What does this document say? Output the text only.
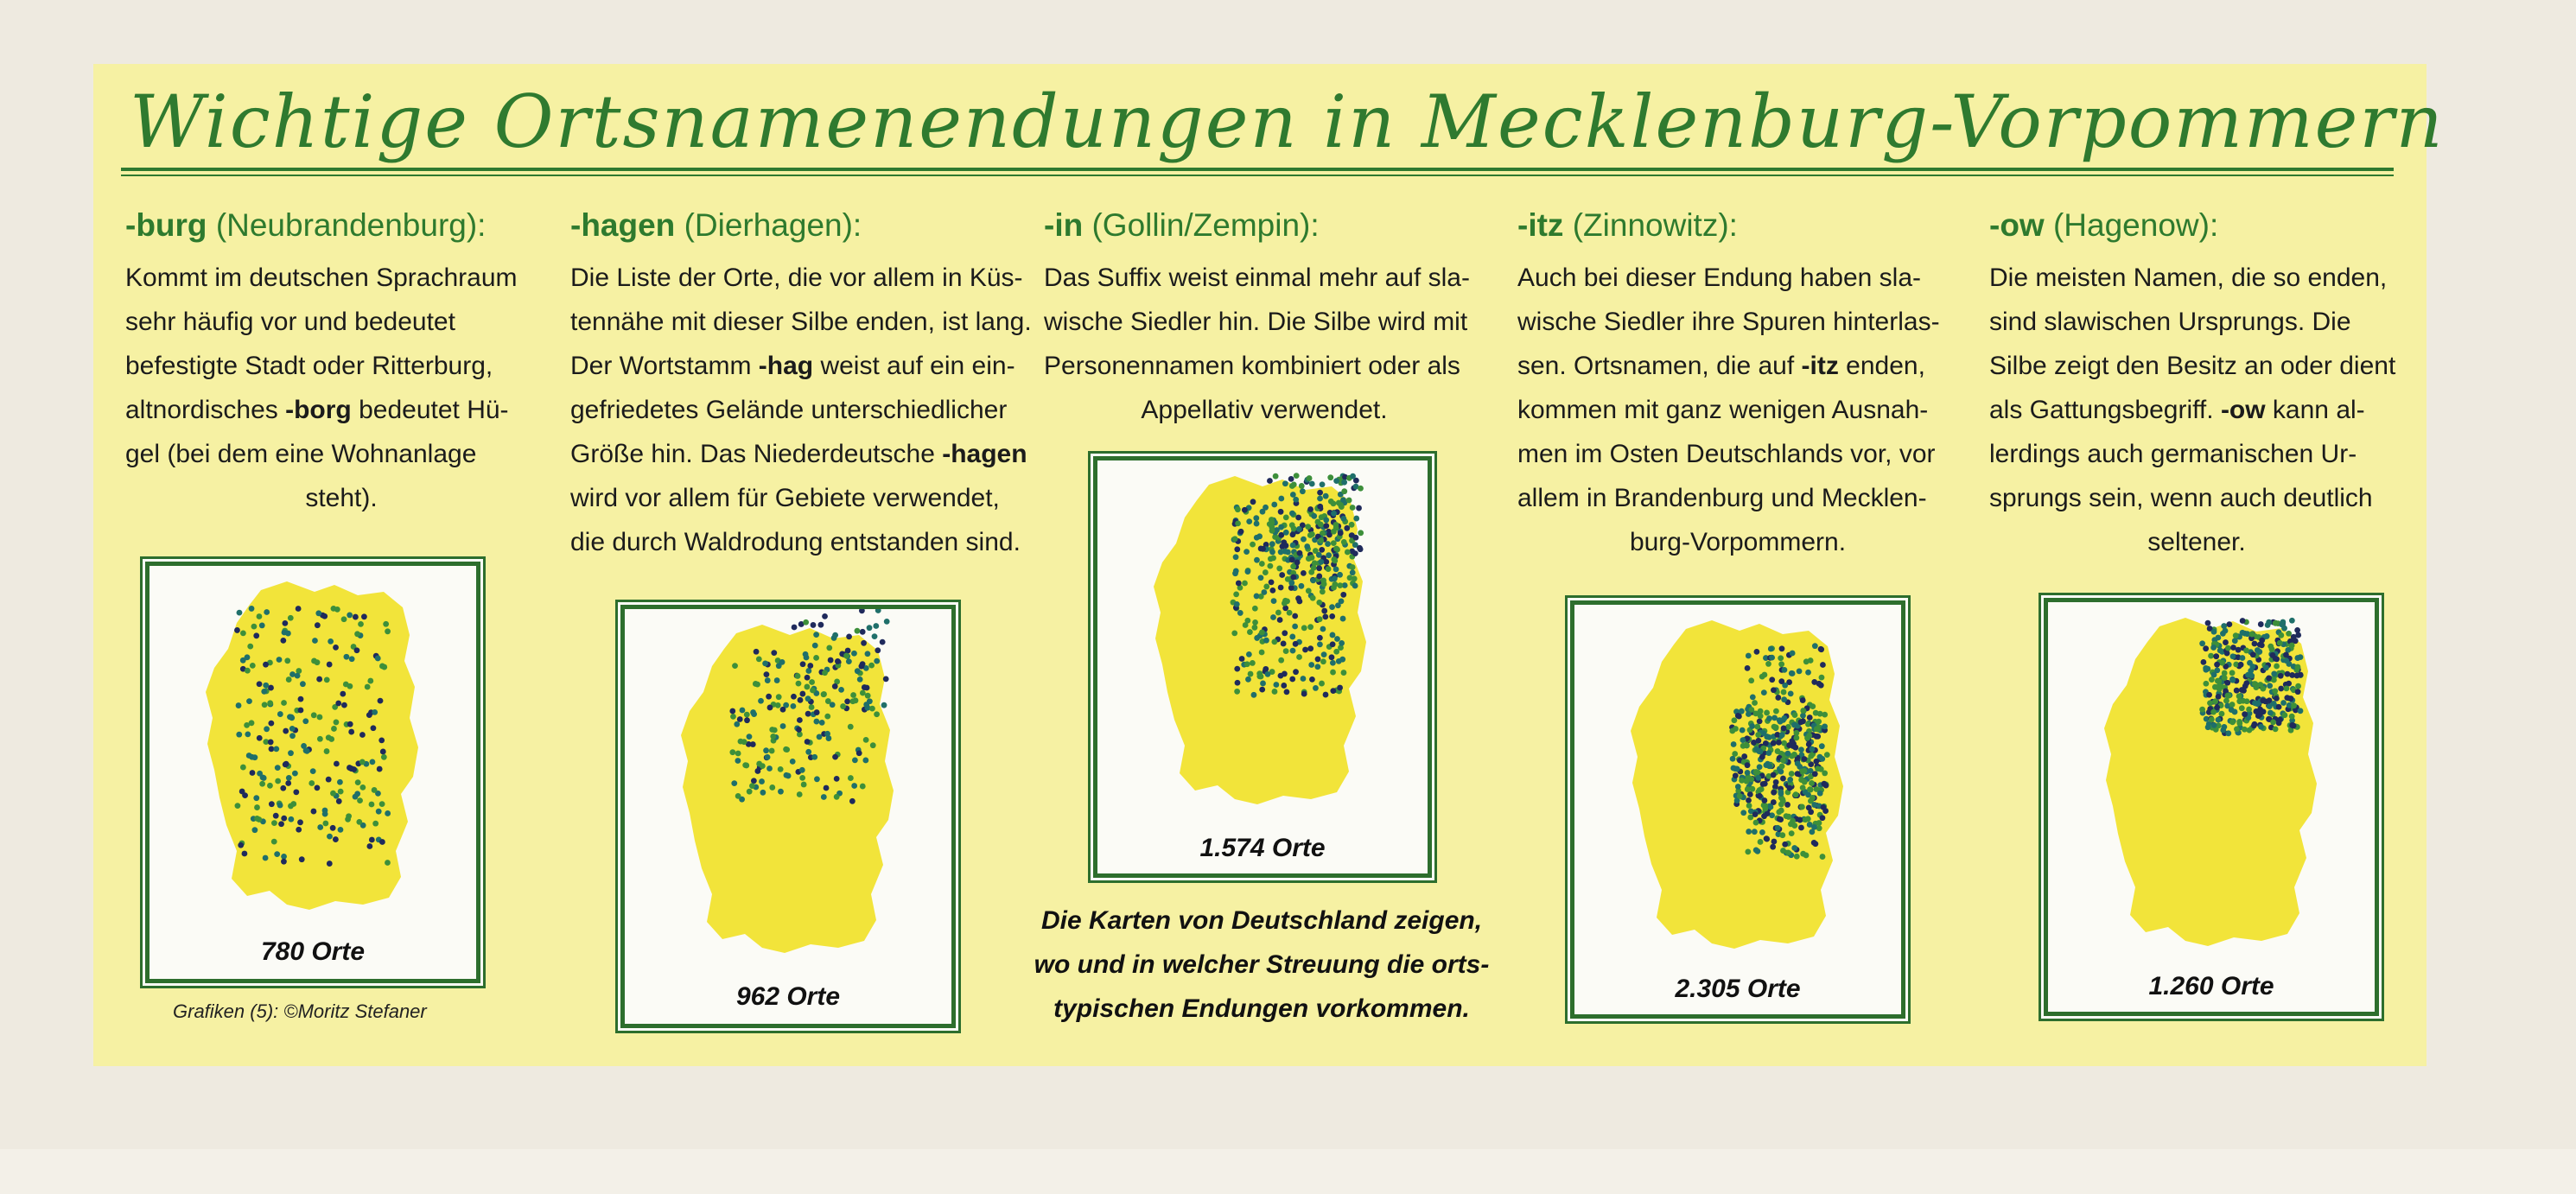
Wichtige Ortsnamenendungen in Mecklenburg-Vorpommern
-burg (Neubrandenburg):

Kommt im deutschen Sprachraum
sehr häufig vor und bedeutet
befestigte Stadt oder Ritterburg,
altnordisches -borg bedeutet Hü-
gel (bei dem eine Wohnanlage
steht).

-hagen (Dierhagen):

Die Liste der Orte, die vor allem in Küs-
tennähe mit dieser Silbe enden, ist lang.
Der Wortstamm -hag weist auf ein ein-
gefriedetes Gelände unterschiedlicher
Größe hin. Das Niederdeutsche -hagen
wird vor allem für Gebiete verwendet,
die durch Waldrodung entstanden sind.

-in (Gollin/Zempin):

Das Suffix weist einmal mehr auf sla-
wische Siedler hin. Die Silbe wird mit
Personennamen kombiniert oder als
Appellativ verwendet.

-itz (Zinnowitz):

Auch bei dieser Endung haben sla-
wische Siedler ihre Spuren hinterlas-
sen. Ortsnamen, die auf -itz enden,
kommen mit ganz wenigen Ausnah-
men im Osten Deutschlands vor, vor
allem in Brandenburg und Mecklen-
burg-Vorpommern.

-ow (Hagenow):

Die meisten Namen, die so enden,
sind slawischen Ursprungs. Die
Silbe zeigt den Besitz an oder dient
als Gattungsbegriff. -ow kann al-
lerdings auch germanischen Ur-
sprungs sein, wenn auch deutlich
seltener.

780 Orte
962 Orte
1.574 Orte
2.305 Orte	1.260 Orte
Grafiken (5): ©Moritz Stefaner
Die Karten von Deutschland zeigen,
wo und in welcher Streuung die orts-
typischen Endungen vorkommen.
